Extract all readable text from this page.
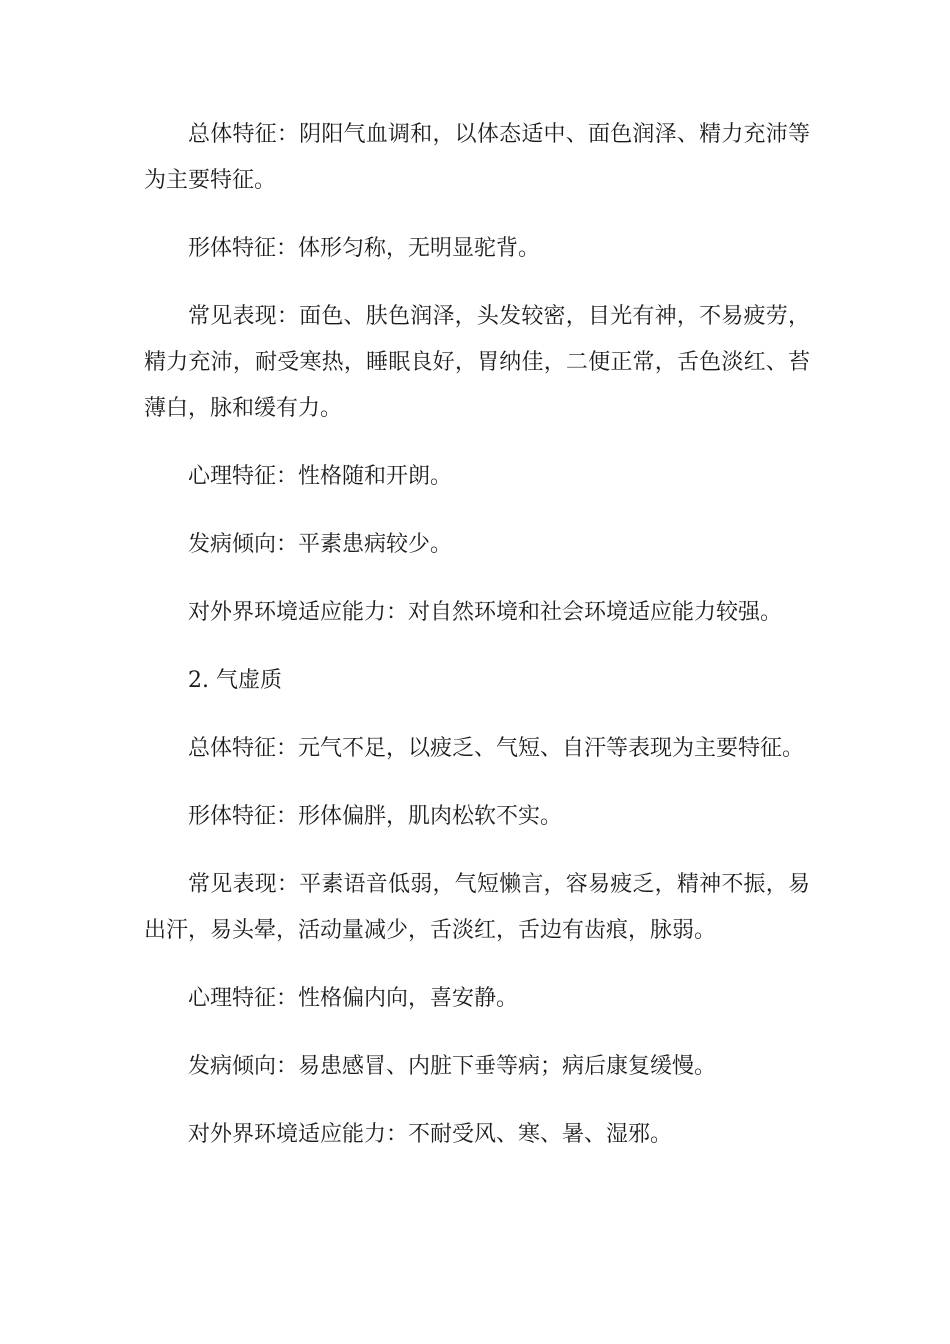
总体特征：阴阳气血调和，以体态适中、面色润泽、精力充沛等为主要特征。

形体特征：体形匀称，无明显驼背。

常见表现：面色、肤色润泽，头发较密，目光有神，不易疲劳，精力充沛，耐受寒热，睡眠良好，胃纳佳，二便正常，舌色淡红、苔薄白，脉和缓有力。

心理特征：性格随和开朗。

发病倾向：平素患病较少。

对外界环境适应能力：对自然环境和社会环境适应能力较强。

2. 气虚质

总体特征：元气不足，以疲乏、气短、自汗等表现为主要特征。

形体特征：形体偏胖，肌肉松软不实。

常见表现：平素语音低弱，气短懒言，容易疲乏，精神不振，易出汗，易头晕，活动量减少，舌淡红，舌边有齿痕，脉弱。

心理特征：性格偏内向，喜安静。

发病倾向：易患感冒、内脏下垂等病；病后康复缓慢。

对外界环境适应能力：不耐受风、寒、暑、湿邪。
